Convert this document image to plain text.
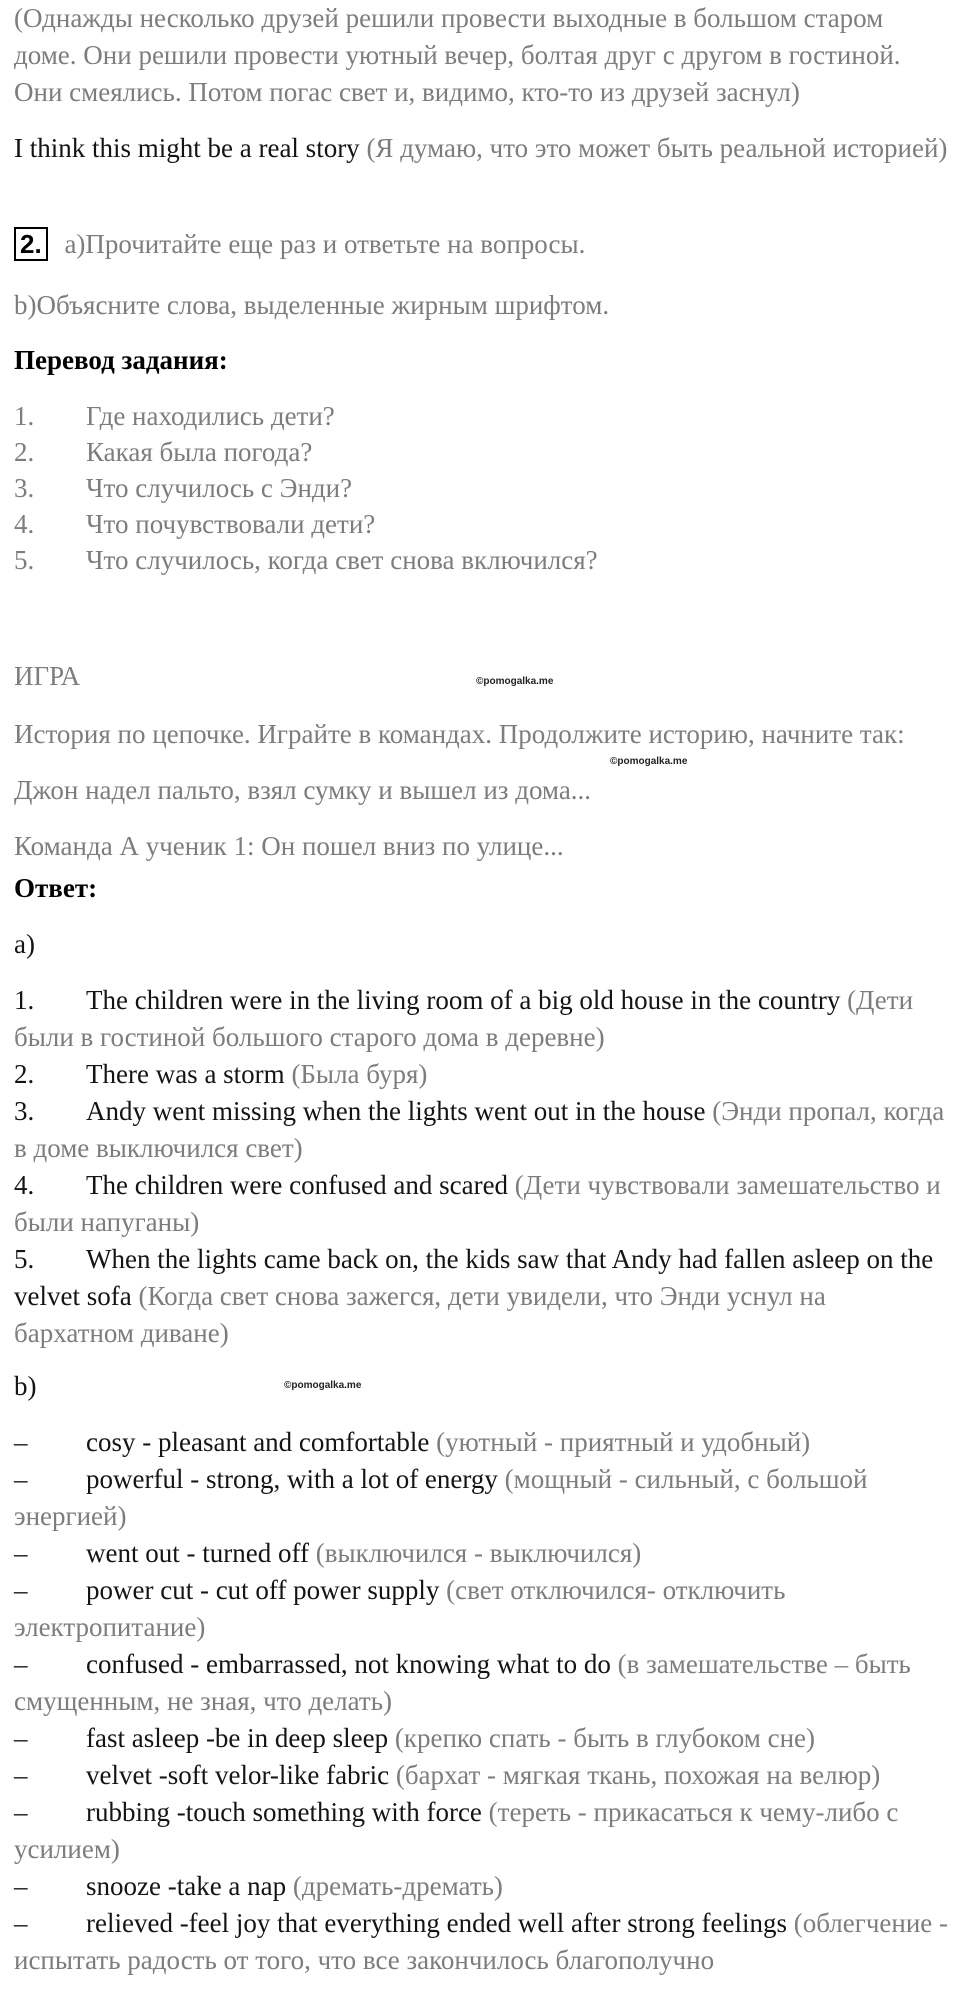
(Однажды несколько друзей решили провести выходные в большом старом доме. Они решили провести уютный вечер, болтая друг с другом в гостиной. Они смеялись. Потом погас свет и, видимо, кто-то из друзей заснул)

I think this might be a real story (Я думаю, что это может быть реальной историей)

2. a)Прочитайте еще раз и ответьте на вопросы.

b)Объясните слова, выделенные жирным шрифтом.

Перевод задания:

1. Где находились дети?
2. Какая была погода?
3. Что случилось с Энди?
4. Что почувствовали дети?
5. Что случилось, когда свет снова включился?

ИГРА	©pomogalka.me

История по цепочке. Играйте в командах. Продолжите историю, начните так:

©pomogalka.me

Джон надел пальто, взял сумку и вышел из дома...

Команда А ученик 1: Он пошел вниз по улице...

Ответ:

a)

1. The children were in the living room of a big old house in the country (Дети были в гостиной большого старого дома в деревне)
2. There was a storm (Была буря)
3. Andy went missing when the lights went out in the house (Энди пропал, когда в доме выключился свет)
4. The children were confused and scared (Дети чувствовали замешательство и были напуганы)
5. When the lights came back on, the kids saw that Andy had fallen asleep on the velvet sofa (Когда свет снова зажегся, дети увидели, что Энди уснул на бархатном диване)

b)	©pomogalka.me
– cosy - pleasant and comfortable (уютный - приятный и удобный)
– powerful - strong, with a lot of energy (мощный - сильный, с большой энергией)
– went out - turned off (выключился - выключился)
– power cut - cut off power supply (свет отключился- отключить электропитание)
– confused - embarrassed, not knowing what to do (в замешательстве – быть смущенным, не зная, что делать)
– fast asleep -be in deep sleep (крепко спать - быть в глубоком сне)
– velvet -soft velor-like fabric (бархат - мягкая ткань, похожая на велюр)
– rubbing -touch something with force (тереть - прикасаться к чему-либо с усилием)
– snooze -take a nap (дремать-дремать)
– relieved -feel joy that everything ended well after strong feelings (облегчение - испытать радость от того, что все закончилось благополучно
